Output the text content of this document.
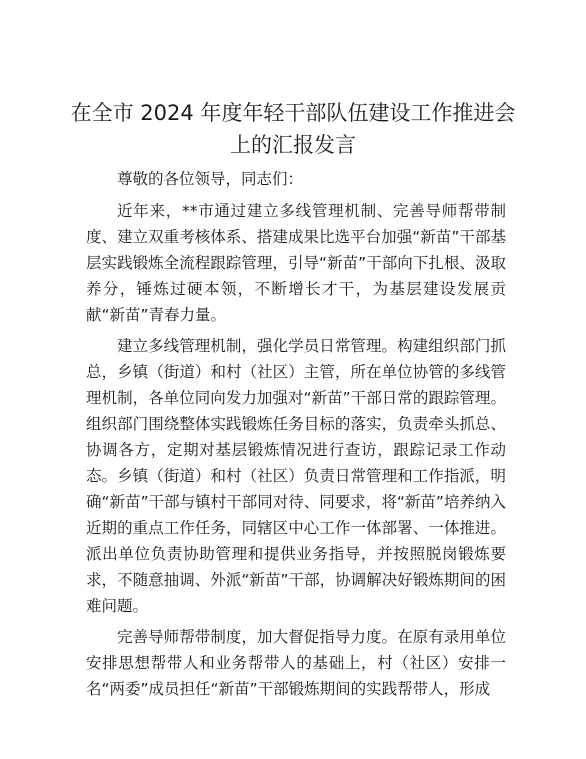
在全市 2024 年度年轻干部队伍建设工作推进会
上的汇报发言

尊敬的各位领导，同志们：

近年来，**市通过建立多线管理机制、完善导师帮带制度、建立双重考核体系、搭建成果比选平台加强“新苗”干部基层实践锻炼全流程跟踪管理，引导“新苗”干部向下扎根、汲取养分，锤炼过硬本领，不断增长才干，为基层建设发展贡献“新苗”青春力量。

建立多线管理机制，强化学员日常管理。构建组织部门抓总，乡镇（街道）和村（社区）主管，所在单位协管的多线管理机制，各单位同向发力加强对“新苗”干部日常的跟踪管理。组织部门围绕整体实践锻炼任务目标的落实，负责牵头抓总、协调各方，定期对基层锻炼情况进行查访，跟踪记录工作动态。乡镇（街道）和村（社区）负责日常管理和工作指派，明确“新苗”干部与镇村干部同对待、同要求，将“新苗”培养纳入近期的重点工作任务，同辖区中心工作一体部署、一体推进。派出单位负责协助管理和提供业务指导，并按照脱岗锻炼要求，不随意抽调、外派“新苗”干部，协调解决好锻炼期间的困难问题。

完善导师帮带制度，加大督促指导力度。在原有录用单位安排思想帮带人和业务帮带人的基础上，村（社区）安排一名“两委”成员担任“新苗”干部锻炼期间的实践帮带人，形成
